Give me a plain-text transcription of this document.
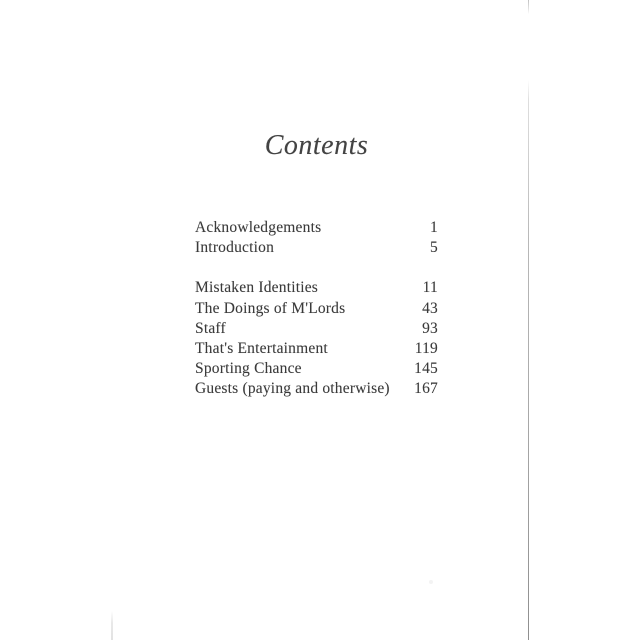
Contents
Acknowledgements	1
Introduction	5
Mistaken Identities	11
The Doings of M'Lords	43
Staff	93
That's Entertainment	119
Sporting Chance	145
Guests (paying and otherwise) 167
